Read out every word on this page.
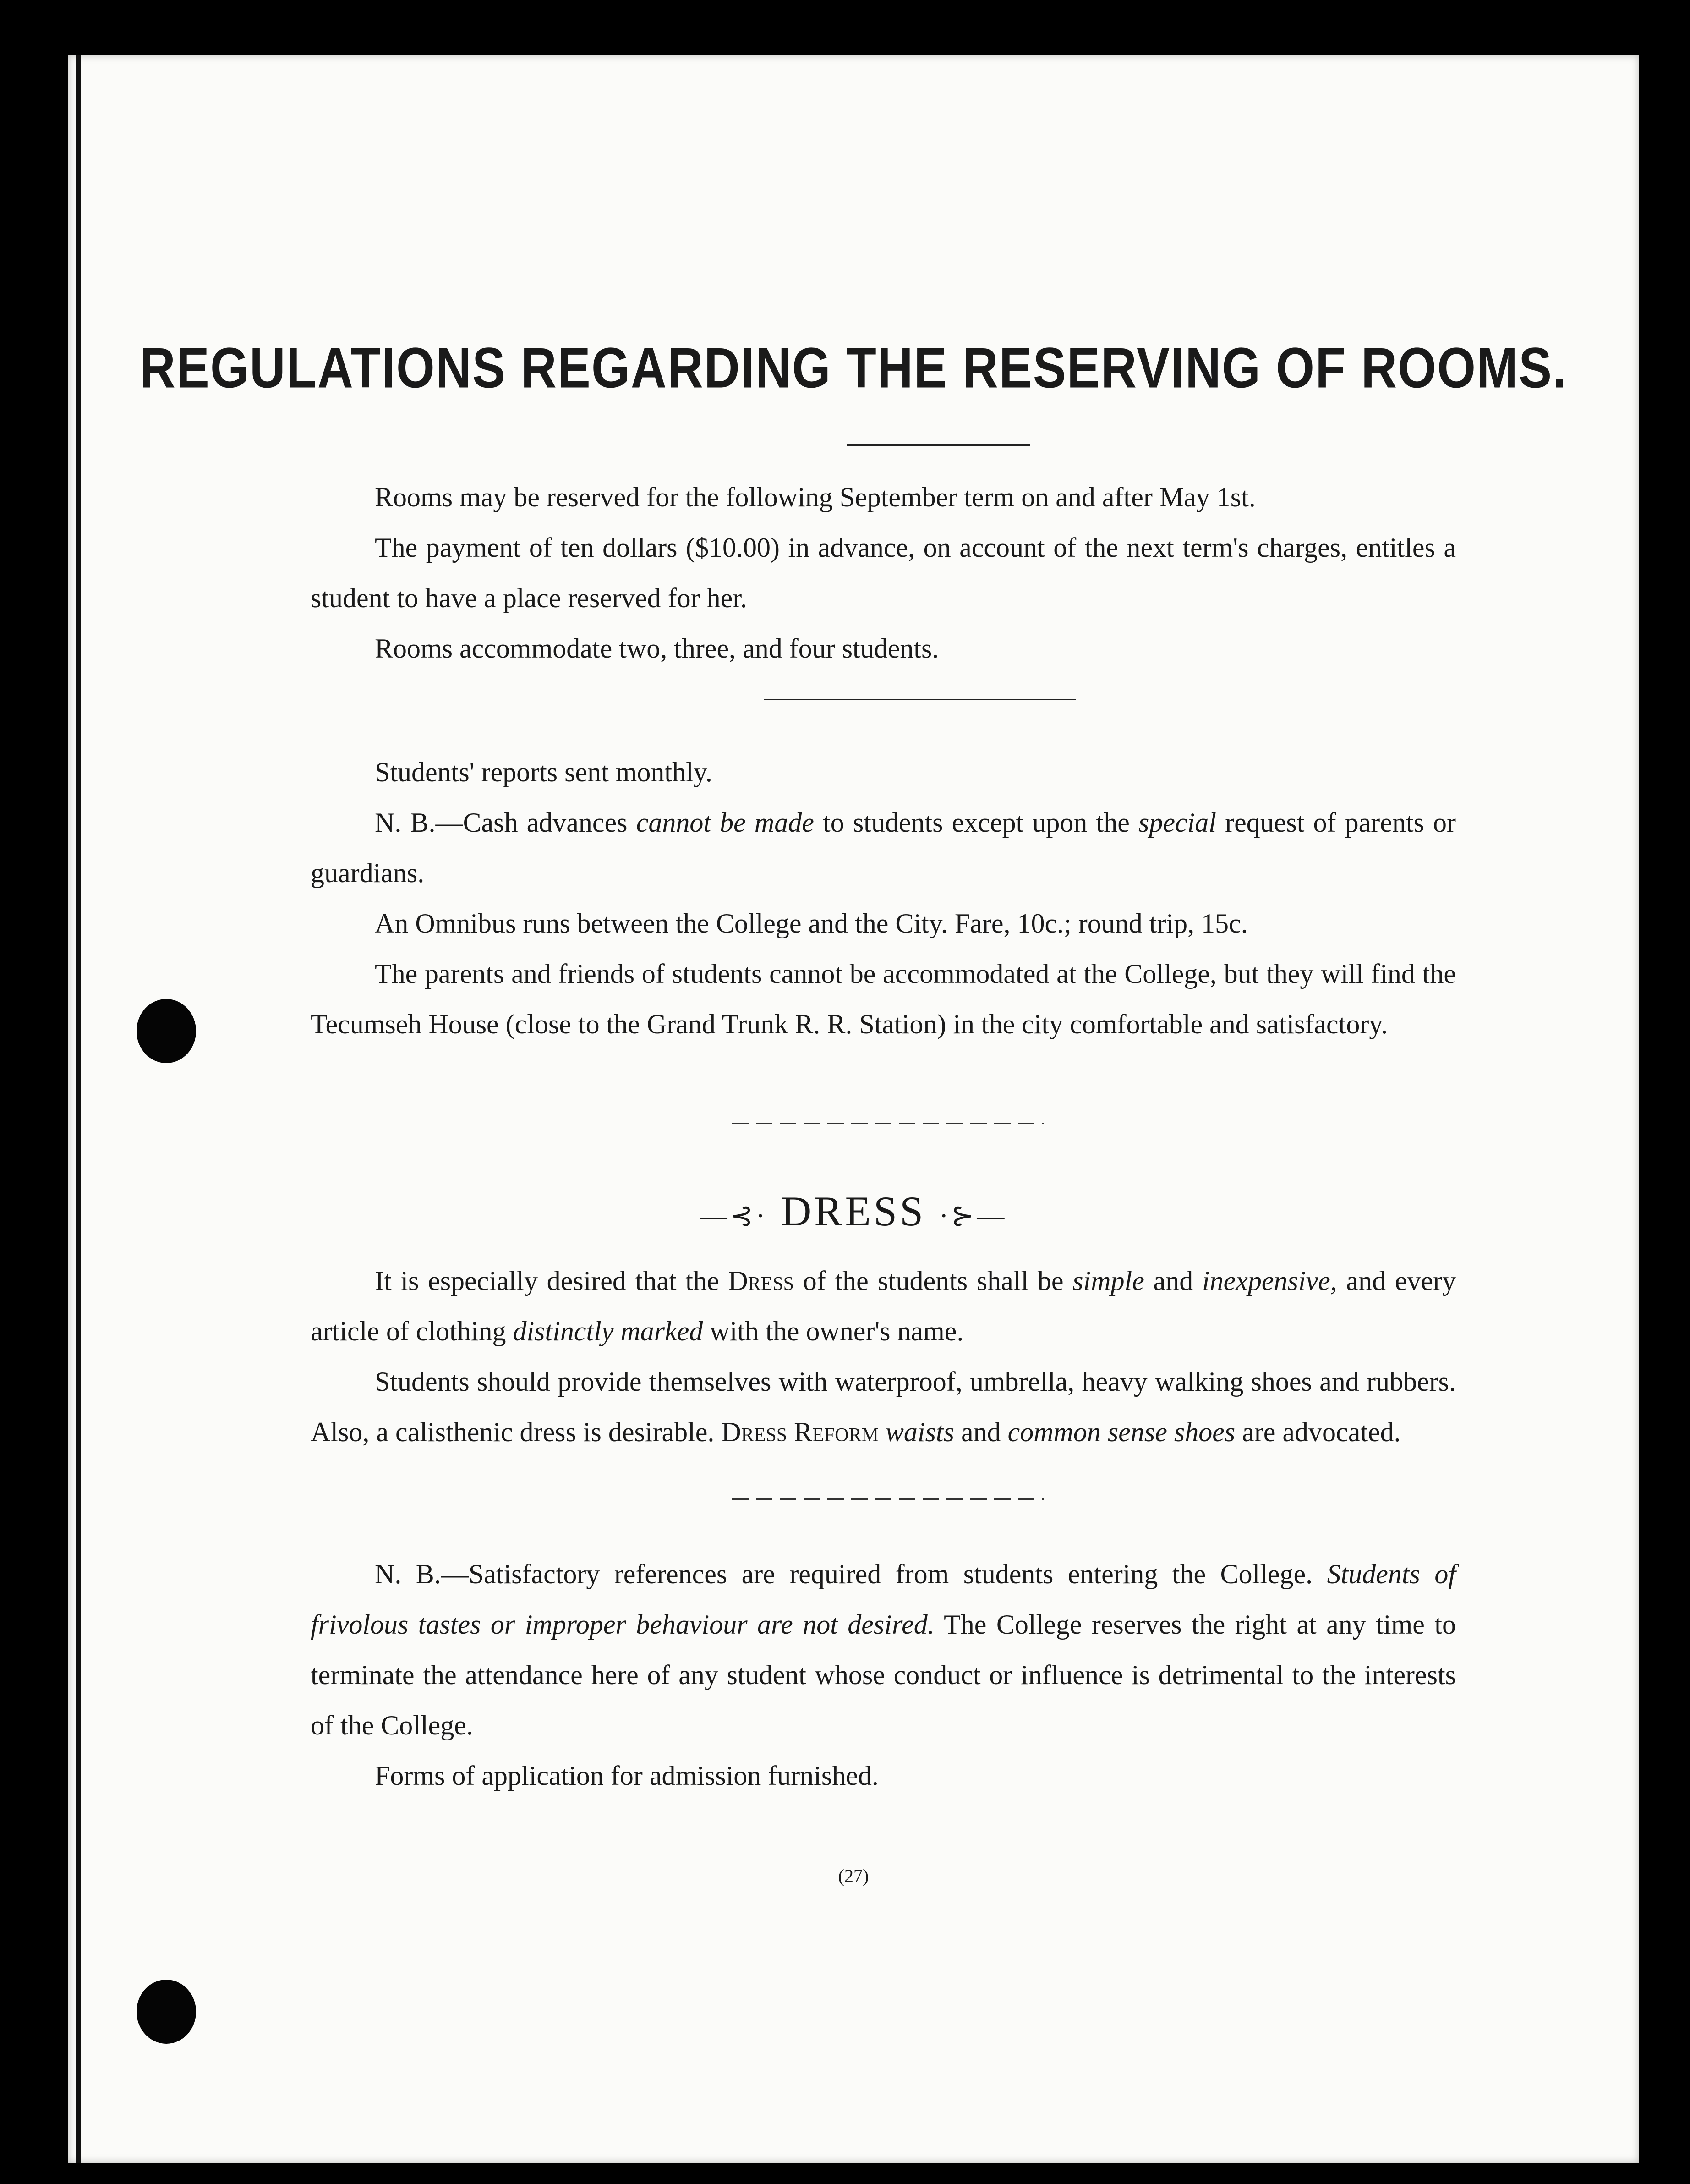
REGULATIONS REGARDING THE RESERVING OF ROOMS.

Rooms may be reserved for the following September term on and after May 1st.

The payment of ten dollars ($10.00) in advance, on account of the next term's charges, entitles a student to have a place reserved for her.

Rooms accommodate two, three, and four students.

Students' reports sent monthly.

N. B.—Cash advances cannot be made to students except upon the special request of parents or guardians.

An Omnibus runs between the College and the City. Fare, 10c.; round trip, 15c.

The parents and friends of students cannot be accommodated at the College, but they will find the Tecumseh House (close to the Grand Trunk R. R. Station) in the city comfortable and satisfactory.

—⊰· DRESS ·⊱—

It is especially desired that the Dress of the students shall be simple and inexpensive, and every article of clothing distinctly marked with the owner's name.

Students should provide themselves with waterproof, umbrella, heavy walking shoes and rubbers. Also, a calisthenic dress is desirable. Dress Reform waists and common sense shoes are advocated.

N. B.—Satisfactory references are required from students entering the College. Students of frivolous tastes or improper behaviour are not desired. The College reserves the right at any time to terminate the attendance here of any student whose conduct or influence is detrimental to the interests of the College.

Forms of application for admission furnished.

(27)
